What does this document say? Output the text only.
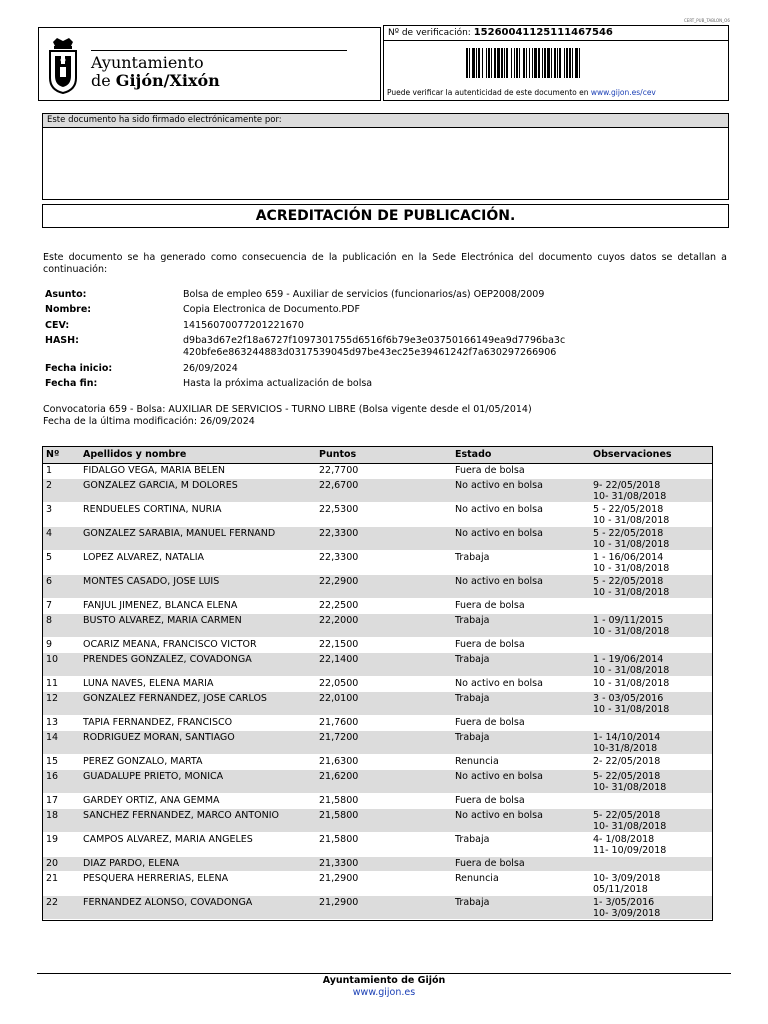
CERT_PUB_TABLON_O6
Ayuntamiento
de Gijón/Xixón
Nº de verificación: 15260041125111467546
Puede verificar la autenticidad de este documento en www.gijon.es/cev
Este documento ha sido firmado electrónicamente por:
ACREDITACIÓN DE PUBLICACIÓN.
Este documento se ha generado como consecuencia de la publicación en la Sede Electrónica del documento cuyos datos se detallan a continuación:
Asunto:	Bolsa de empleo 659 - Auxiliar de servicios (funcionarios/as) OEP2008/2009
Nombre:	Copia Electronica de Documento.PDF
CEV:	14156070077201221670
HASH:	d9ba3d67e2f18a6727f1097301755d6516f6b79e3e03750166149ea9d7796ba3c
420bfe6e863244883d0317539045d97be43ec25e39461242f7a630297266906
Fecha inicio:	26/09/2024
Fecha fin:	Hasta la próxima actualización de bolsa
Convocatoria 659 - Bolsa: AUXILIAR DE SERVICIOS - TURNO LIBRE (Bolsa vigente desde el 01/05/2014)
Fecha de la última modificación: 26/09/2024
Nº Apellidos y nombre	Puntos	Estado	Observaciones
1	FIDALGO VEGA, MARIA BELEN	22,7700	Fuera de bolsa
2	GONZALEZ GARCIA, M DOLORES	22,6700	No activo en bolsa	9- 22/05/2018
10- 31/08/2018
3	RENDUELES CORTINA, NURIA	22,5300	No activo en bolsa	5 - 22/05/2018
10 - 31/08/2018
4	GONZALEZ SARABIA, MANUEL FERNAND	22,3300	No activo en bolsa	5 - 22/05/2018
10 - 31/08/2018
5	LOPEZ ALVAREZ, NATALIA	22,3300	Trabaja	1 - 16/06/2014
10 - 31/08/2018
6	MONTES CASADO, JOSE LUIS	22,2900	No activo en bolsa	5 - 22/05/2018
10 - 31/08/2018
7	FANJUL JIMENEZ, BLANCA ELENA	22,2500	Fuera de bolsa
8	BUSTO ALVAREZ, MARIA CARMEN	22,2000	Trabaja	1 - 09/11/2015
10 - 31/08/2018
9	OCARIZ MEANA, FRANCISCO VICTOR	22,1500	Fuera de bolsa
10	PRENDES GONZALEZ, COVADONGA	22,1400	Trabaja	1 - 19/06/2014
10 - 31/08/2018
11	LUNA NAVES, ELENA MARIA	22,0500	No activo en bolsa	10 - 31/08/2018
12	GONZALEZ FERNANDEZ, JOSE CARLOS	22,0100	Trabaja	3 - 03/05/2016
10 - 31/08/2018
13	TAPIA FERNANDEZ, FRANCISCO	21,7600	Fuera de bolsa
14	RODRIGUEZ MORAN, SANTIAGO	21,7200	Trabaja	1- 14/10/2014
10-31/8/2018
15	PEREZ GONZALO, MARTA	21,6300	Renuncia	2- 22/05/2018
16	GUADALUPE PRIETO, MONICA	21,6200	No activo en bolsa	5- 22/05/2018
10- 31/08/2018
17	GARDEY ORTIZ, ANA GEMMA	21,5800	Fuera de bolsa
18	SANCHEZ FERNANDEZ, MARCO ANTONIO	21,5800	No activo en bolsa	5- 22/05/2018
10- 31/08/2018
19	CAMPOS ALVAREZ, MARIA ANGELES	21,5800	Trabaja	4- 1/08/2018
11- 10/09/2018
20	DIAZ PARDO, ELENA	21,3300	Fuera de bolsa
21	PESQUERA HERRERIAS, ELENA	21,2900	Renuncia	10- 3/09/2018
05/11/2018
22	FERNANDEZ ALONSO, COVADONGA	21,2900	Trabaja	1- 3/05/2016
10- 3/09/2018
Ayuntamiento de Gijón
www.gijon.es
